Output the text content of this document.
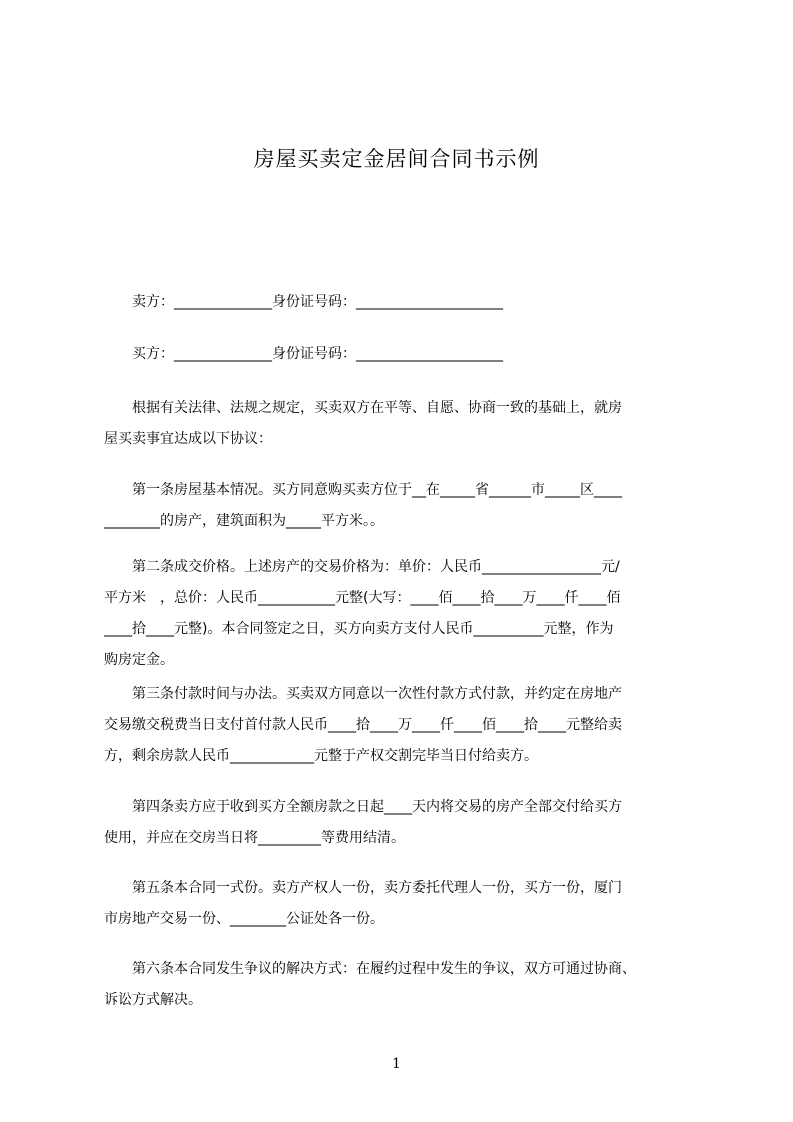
房屋买卖定金居间合同书示例
　　卖方：______________身份证号码：_____________________
　　买方：______________身份证号码：_____________________
　　根据有关法律、法规之规定，买卖双方在平等、自愿、协商一致的基础上，就房
屋买卖事宜达成以下协议：
　　第一条房屋基本情况。买方同意购买卖方位于__在_____省______市_____区____
________的房产，建筑面积为_____平方米。。
　　第二条成交价格。上述房产的交易价格为：单价：人民币_________________元/
平方米　，总价：人民币___________元整(大写：____佰____拾____万____仟____佰
____拾____元整)。本合同签定之日，买方向卖方支付人民币__________元整，作为
购房定金。
　　第三条付款时间与办法。买卖双方同意以一次性付款方式付款，并约定在房地产
交易缴交税费当日支付首付款人民币____拾____万____仟____佰____拾____元整给卖
方，剩余房款人民币____________元整于产权交割完毕当日付给卖方。
　　第四条卖方应于收到买方全额房款之日起____天内将交易的房产全部交付给买方
使用，并应在交房当日将_________等费用结清。
　　第五条本合同一式份。卖方产权人一份，卖方委托代理人一份，买方一份，厦门
市房地产交易一份、________公证处各一份。
　　第六条本合同发生争议的解决方式：在履约过程中发生的争议，双方可通过协商、
诉讼方式解决。
1
